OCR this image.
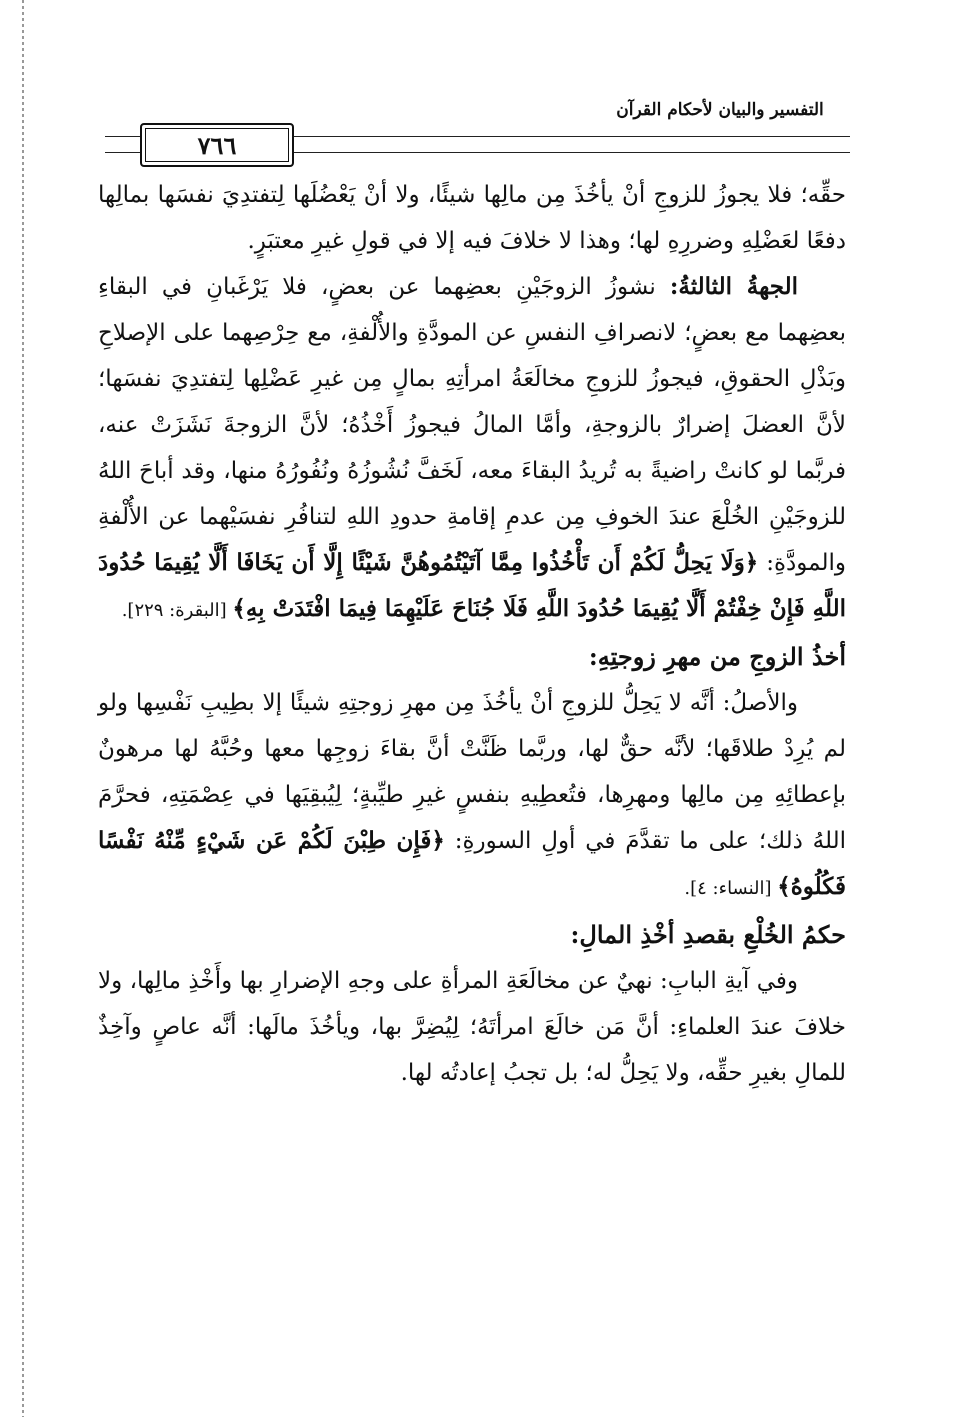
التفسير والبيان لأحكام القرآن
٧٦٦

حقِّه؛ فلا يجوزُ للزوجِ أنْ يأخُذَ مِن مالِها شيئًا، ولا أنْ يَعْضُلَها لِتفتدِيَ نفسَها بمالِها دفعًا لعَضْلِهِ وضررِهِ لها؛ وهذا لا خلافَ فيه إلا في قولِ غيرِ معتبَرٍ.

الجهةُ الثالثةُ: نشوزُ الزوجَيْنِ بعضِهما عن بعضٍ، فلا يَرْغَبانِ في البقاءِ بعضِهما مع بعضٍ؛ لانصرافِ النفسِ عن المودَّةِ والأُلْفةِ، مع حِرْصِهما على الإصلاحِ وبَذْلِ الحقوقِ، فيجوزُ للزوجِ مخالَعَةُ امرأتِهِ بمالٍ مِن غيرِ عَضْلِها لِتفتدِيَ نفسَها؛ لأنَّ العضلَ إضرارٌ بالزوجةِ، وأمَّا المالُ فيجوزُ أَخْذُهُ؛ لأنَّ الزوجةَ نَشَزَتْ عنه، فربَّما لو كانتْ راضيةً به تُريدُ البقاءَ معه، لَخَفَّ نُشُوزُهُ ونُفُورُهُ منها، وقد أباحَ اللهُ للزوجَيْنِ الخُلْعَ عندَ الخوفِ مِن عدمِ إقامةِ حدودِ اللهِ لتنافُرِ نفسَيْهما عن الأُلْفةِ والمودَّةِ: ﴿وَلَا يَحِلُّ لَكُمْ أَن تَأْخُذُوا مِمَّا آتَيْتُمُوهُنَّ شَيْئًا إِلَّا أَن يَخَافَا أَلَّا يُقِيمَا حُدُودَ اللَّهِ فَإِنْ خِفْتُمْ أَلَّا يُقِيمَا حُدُودَ اللَّهِ فَلَا جُنَاحَ عَلَيْهِمَا فِيمَا افْتَدَتْ بِهِ﴾ [البقرة: ٢٢٩].

أخذُ الزوجِ من مهرِ زوجتِهِ:

والأصلُ: أنَّه لا يَحِلُّ للزوجِ أنْ يأخُذَ مِن مهرِ زوجتِهِ شيئًا إلا بطِيبِ نَفْسِها ولو لم يُرِدْ طلاقَها؛ لأنَّه حقٌّ لها، وربَّما ظَنَّتْ أنَّ بقاءَ زوجِها معها وحُبَّهُ لها مرهونٌ بإعطائِهِ مِن مالِها ومهرِها، فتُعطِيهِ بنفسٍ غيرِ طيِّبةٍ؛ لِيُبقِيَها في عِصْمَتِهِ، فحرَّمَ اللهُ ذلك؛ على ما تقدَّمَ في أولِ السورةِ: ﴿فَإِن طِبْنَ لَكُمْ عَن شَيْءٍ مِّنْهُ نَفْسًا فَكُلُوهُ﴾ [النساء: ٤].

حكمُ الخُلْعِ بقصدِ أخْذِ المالِ:

وفي آيةِ البابِ: نهيٌ عن مخالَعَةِ المرأةِ على وجهِ الإضرارِ بها وأَخْذِ مالِها، ولا خلافَ عندَ العلماءِ: أنَّ مَن خالَعَ امرأتَهُ؛ لِيُضِرَّ بها، ويأخُذَ مالَها: أنَّه عاصٍ وآخِذٌ للمالِ بغيرِ حقِّه، ولا يَحِلُّ له؛ بل تجبُ إعادتُه لها.
